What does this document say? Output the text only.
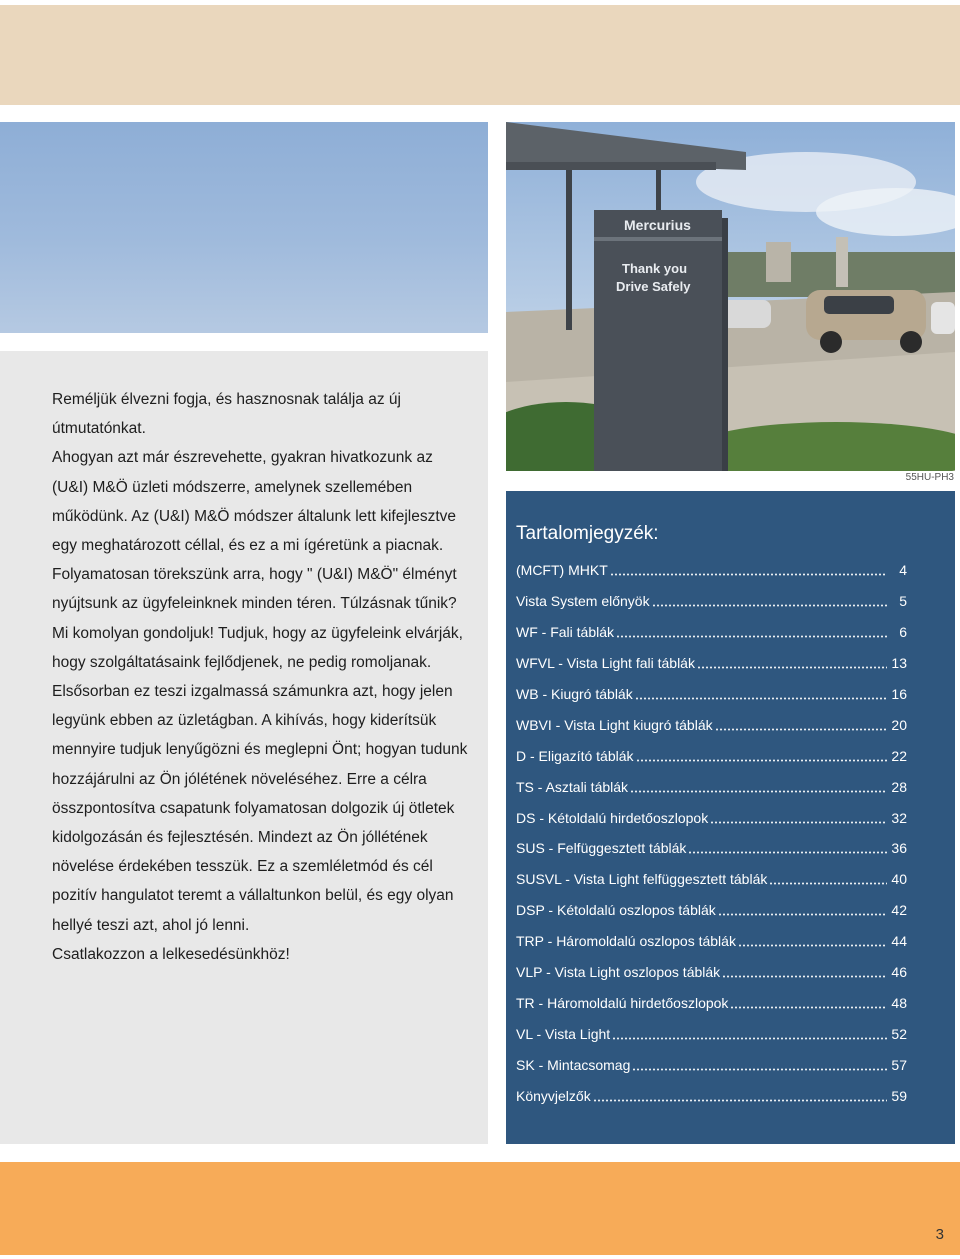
Reméljük élvezni fogja, és hasznosnak találja az új útmutatónkat.

Ahogyan azt már észrevehette, gyakran hivatkozunk az (U&I) M&Ö üzleti módszerre, amelynek szellemében működünk. Az (U&I) M&Ö módszer általunk lett kifejlesztve egy meghatározott céllal, és ez a mi ígéretünk a piacnak.

Folyamatosan törekszünk arra, hogy " (U&I) M&Ö" élményt nyújtsunk az ügyfeleinknek minden téren. Túlzásnak tűnik? Mi komolyan gondoljuk! Tudjuk, hogy az ügyfeleink elvárják, hogy szolgáltatásaink fejlődjenek, ne pedig romoljanak. Elsősorban ez teszi izgalmassá számunkra azt, hogy jelen legyünk ebben az üzletágban. A kihívás, hogy kiderítsük mennyire tudjuk lenyűgözni és meglepni Önt; hogyan tudunk hozzájárulni az Ön jólétének növeléséhez. Erre a célra összpontosítva csapatunk folyamatosan dolgozik új ötletek kidolgozásán és fejlesztésén. Mindezt az Ön jóllétének növelése érdekében tesszük. Ez a szemléletmód és cél pozitív hangulatot teremt a vállaltunkon belül, és egy olyan hellyé teszi azt, ahol jó lenni.

Csatlakozzon a lelkesedésünkhöz!

Mercurius
Thank you
Drive Safely
55HU-PH3
Tartalomjegyzék:
(MCFT) MHKT	4
Vista System előnyök	5
WF - Fali táblák	6
WFVL - Vista Light fali táblák	13
WB - Kiugró táblák	16
WBVI - Vista Light kiugró táblák	20
D - Eligazító táblák	22
TS - Asztali táblák	28
DS - Kétoldalú hirdetőoszlopok	32
SUS - Felfüggesztett táblák	36
SUSVL - Vista Light felfüggesztett táblák	40
DSP - Kétoldalú oszlopos táblák	42
TRP - Háromoldalú oszlopos táblák	44
VLP - Vista Light oszlopos táblák	46
TR - Háromoldalú hirdetőoszlopok	48
VL - Vista Light	52
SK - Mintacsomag	57
Könyvjelzők	59
3
